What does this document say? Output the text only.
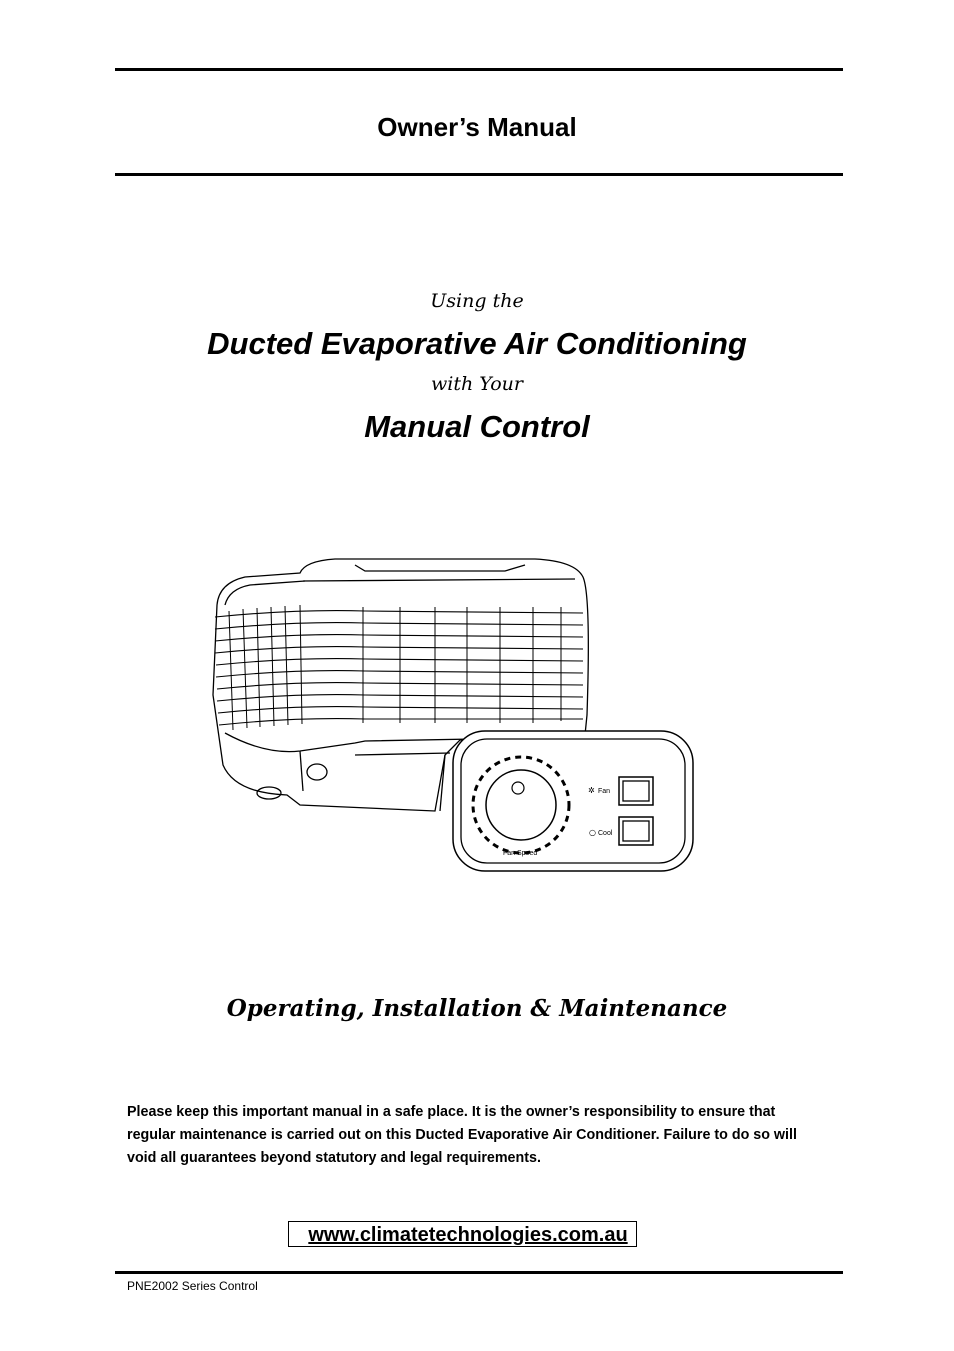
Owner’s Manual
Using the
Ducted Evaporative Air Conditioning
with Your
Manual Control
Fan
✲
Cool
○
Fan Speed
Operating, Installation & Maintenance
Please keep this important manual in a safe place. It is the owner’s responsibility to ensure that regular maintenance is carried out on this Ducted Evaporative Air Conditioner. Failure to do so will void all guarantees beyond statutory and legal requirements.
www.climatetechnologies.com.au
PNE2002 Series Control
